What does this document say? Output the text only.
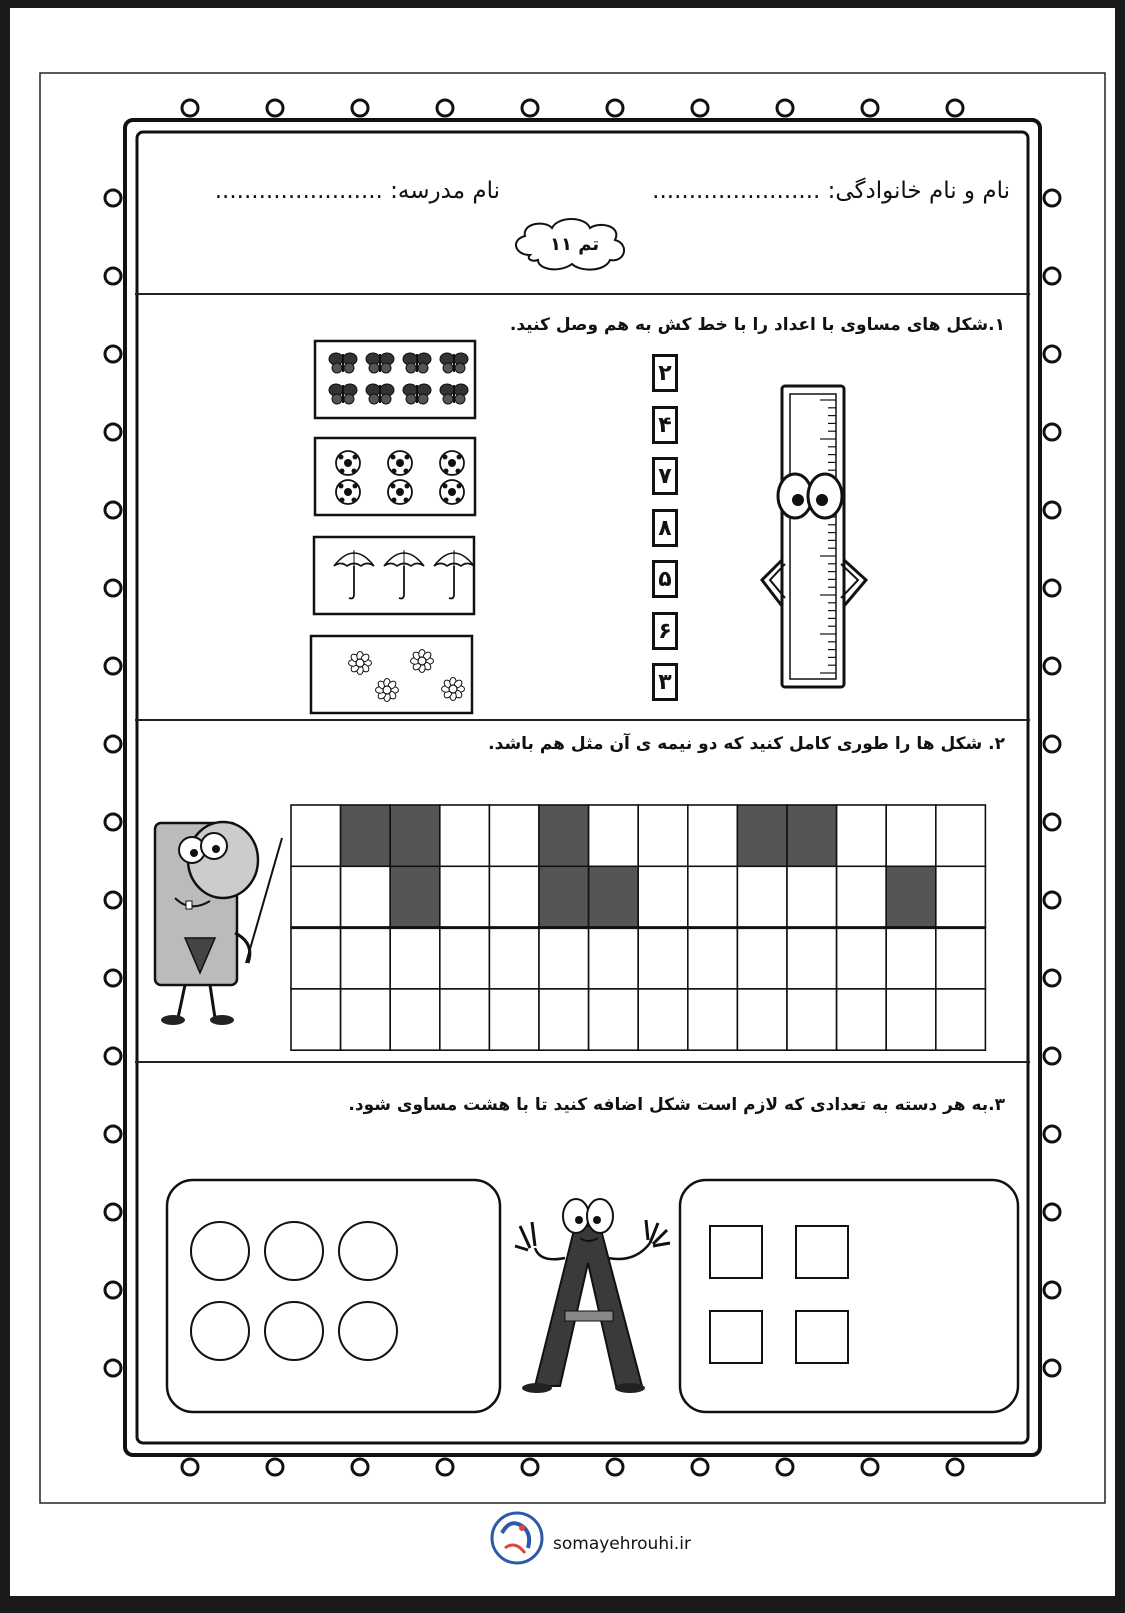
نام و نام خانوادگی: .......................
نام مدرسه: .......................
تم ۱۱
۱.شکل های مساوی با اعداد را با خط کش به هم وصل کنید.
۲. شکل ها را طوری کامل کنید که دو نیمه ی آن مثل هم باشد.
۳.به هر دسته به تعدادی که لازم است شکل اضافه کنید تا با هشت مساوی شود.
۲
۴
۷
۸
۵
۶
۳
somayehrouhi.ir
